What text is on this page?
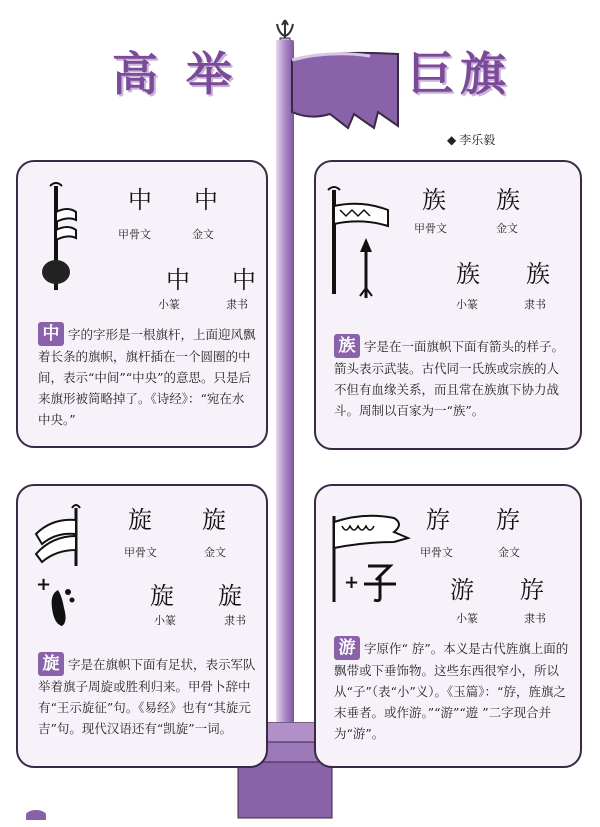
高 举	巨旗
◆ 李乐毅
中 中
甲骨文	金文
中 中
小篆	隶书
中 字的字形是一根旗杆，上面迎风飘着长条的旗帜，旗杆插在一个圆圈的中间，表示“中间”“中央”的意思。只是后来旗形被简略掉了。《诗经》：“宛在水中央。”
族 族
甲骨文	金文
族 族
小篆	隶书
族 字是在一面旗帜下面有箭头的样子。箭头表示武装。古代同一氏族或宗族的人不但有血缘关系，而且常在族旗下协力战斗。周制以百家为一“族”。
+
旋 旋
甲骨文	金文
旋 旋
小篆	隶书
旋 字是在旗帜下面有足状，表示军队举着旗子周旋或胜利归来。甲骨卜辞中有“王示旋征”句。《易经》也有“其旋元吉”句。现代汉语还有“凯旋”一词。
+
斿 斿
甲骨文	金文
游 斿
小篆	隶书
游 字原作“ 斿”。本义是古代旌旗上面的飘带或下垂饰物。这些东西很窄小，所以从“子”（表“小”义）。《玉篇》：“斿，旌旗之末垂者。或作游。”“游”“遊 ”二字现合并为“游”。
